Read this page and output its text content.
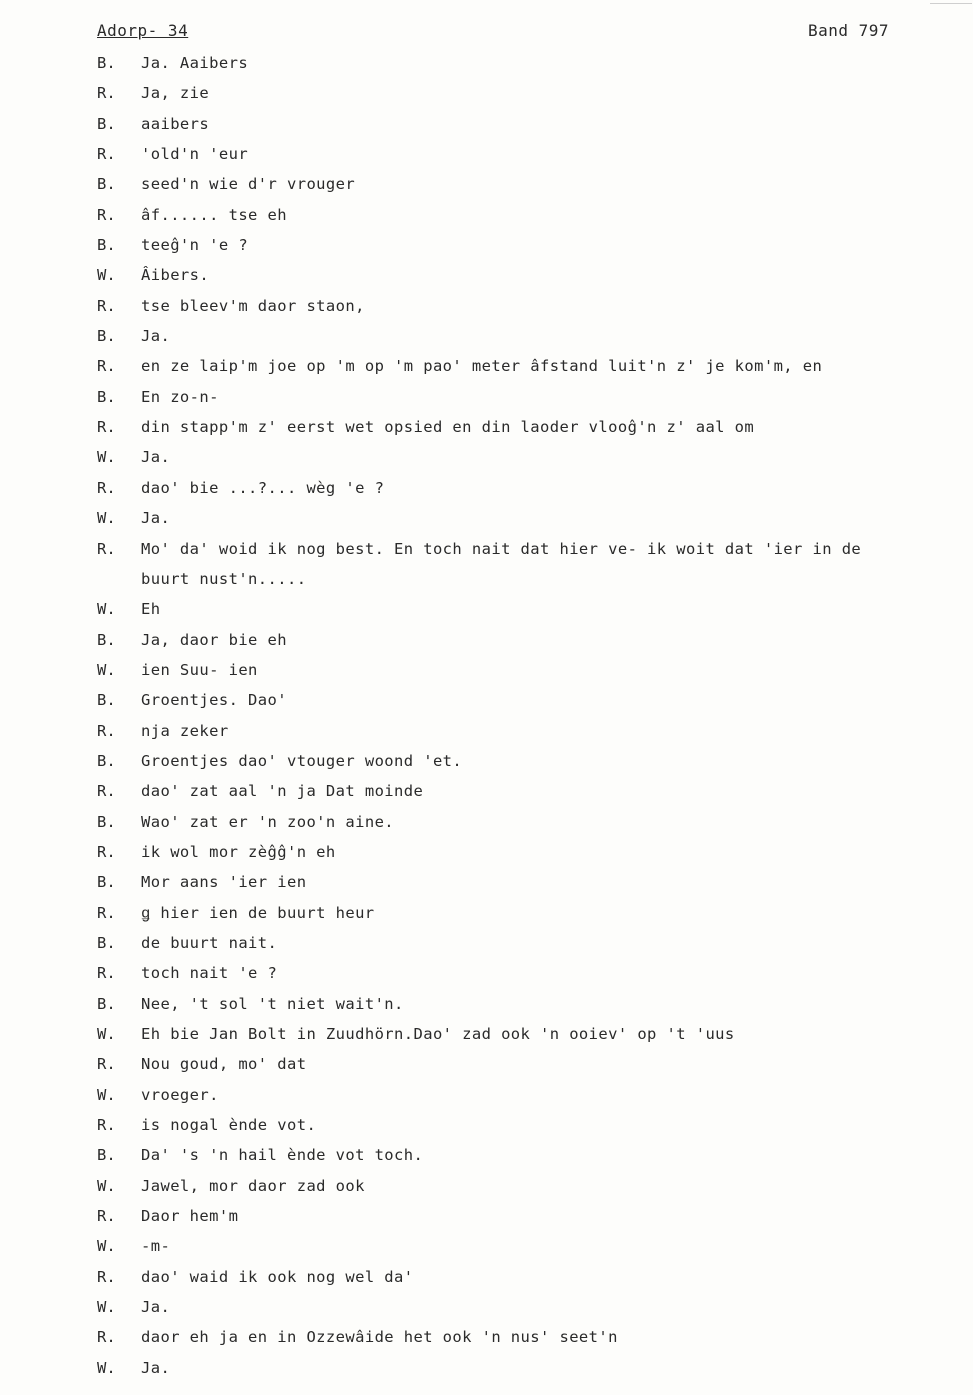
Adorp- 34	Band 797
B.	Ja. Aaibers
R.	Ja, zie
B.	aaibers
R.	'old'n 'eur
B.	seed'n wie d'r vrouger
R.	âf...... tse eh
B.	teeĝ'n 'e ?
W.	Âibers.
R.	tse bleev'm daor staon,
B.	Ja.
R.	en ze laip'm joe op 'm op 'm pao' meter âfstand luit'n z' je kom'm, en
B.	En zo-n-
R.	din stapp'm z' eerst wet opsied en din laoder vlooĝ'n z' aal om
W.	Ja.
R.	dao' bie ...?... wèg 'e ?
W.	Ja.
R.	Mo' da' woid ik nog best. En toch nait dat hier ve- ik woit dat 'ier in de
buurt nust'n.....
W.	Eh
B.	Ja, daor bie eh
W.	ien Suu- ien
B.	Groentjes. Dao'
R.	nja zeker
B.	Groentjes dao' vtouger woond 'et.
R.	dao' zat aal 'n ja Dat moinde
B.	Wao' zat er 'n zoo'n aine.
R.	ik wol mor zèĝĝ'n eh
B.	Mor aans 'ier ien
R.	ǥ hier ien de buurt heur
B.	de buurt nait.
R.	toch nait 'e ?
B.	Nee, 't sol 't niet wait'n.
W.	Eh bie Jan Bolt in Zuudhörn.Dao' zad ook 'n ooiev' op 't 'uus
R.	Nou goud, mo' dat
W.	vroeger.
R.	is nogal ènde vot.
B.	Da' 's 'n hail ènde vot toch.
W.	Jawel, mor daor zad ook
R.	Daor hem'm
W.	-m-
R.	dao' waid ik ook nog wel da'
W.	Ja.
R.	daor eh ja en in Ozzewâide het ook 'n nus' seet'n
W.	Ja.
